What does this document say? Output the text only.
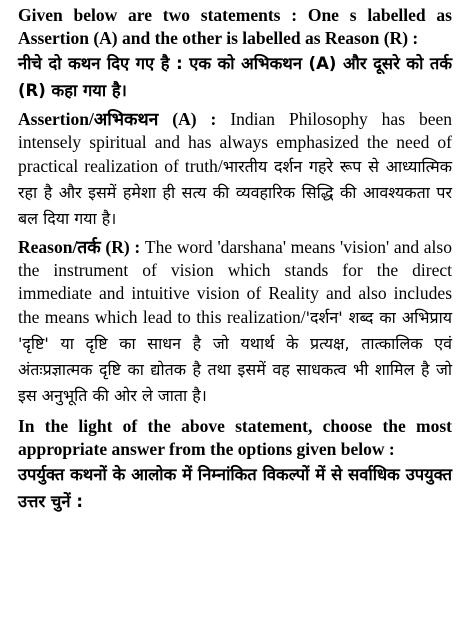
Given below are two statements : One s labelled as Assertion (A) and the other is labelled as Reason (R) :

नीचे दो कथन दिए गए है : एक को अभिकथन (A) और दूसरे को तर्क (R) कहा गया है।

Assertion/अभिकथन (A) : Indian Philosophy has been intensely spiritual and has always emphasized the need of practical realization of truth/भारतीय दर्शन गहरे रूप से आध्यात्मिक रहा है और इसमें हमेशा ही सत्य की व्यवहारिक सिद्धि की आवश्यकता पर बल दिया गया है।

Reason/तर्क (R) : The word 'darshana' means 'vision' and also the instrument of vision which stands for the direct immediate and intuitive vision of Reality and also includes the means which lead to this realization/'दर्शन' शब्द का अभिप्राय 'दृष्टि' या दृष्टि का साधन है जो यथार्थ के प्रत्यक्ष, तात्कालिक एवं अंतःप्रज्ञात्मक दृष्टि का द्योतक है तथा इसमें वह साधकत्व भी शामिल है जो इस अनुभूति की ओर ले जाता है।

In the light of the above statement, choose the most appropriate answer from the options given below :

उपर्युक्त कथनों के आलोक में निम्नांकित विकल्पों में से सर्वाधिक उपयुक्त उत्तर चुनें :
